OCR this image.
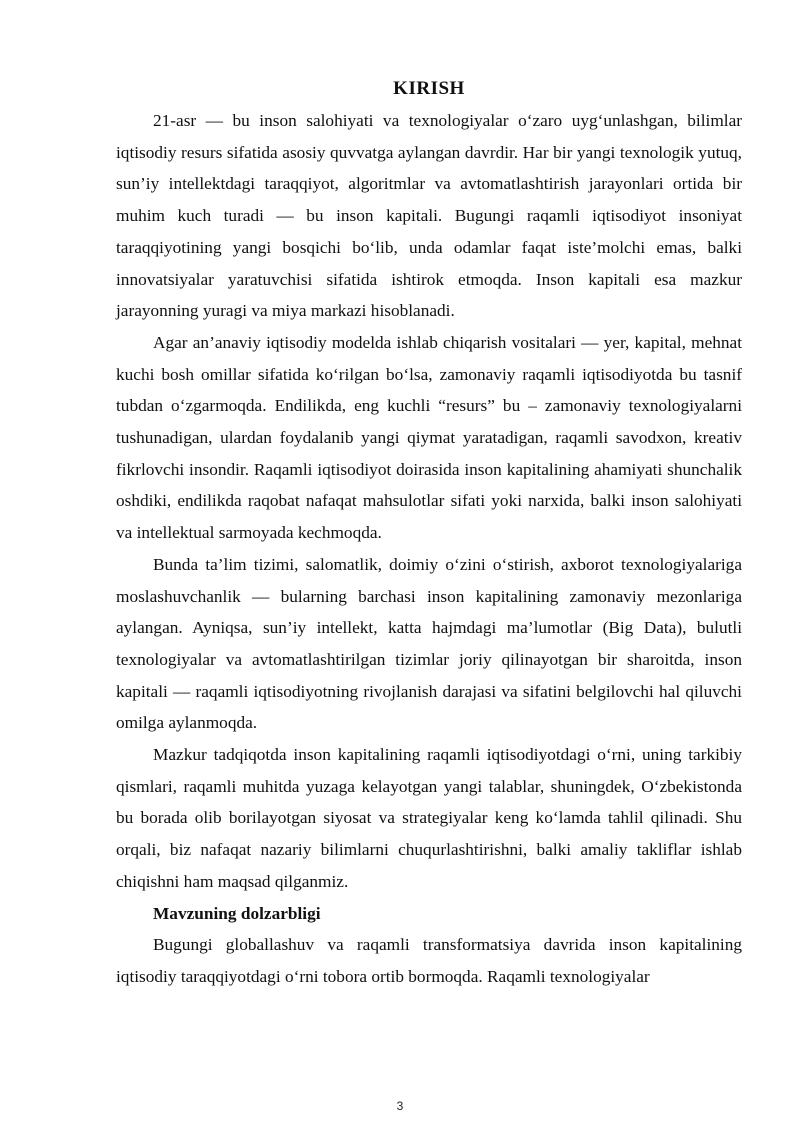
KIRISH

21-asr — bu inson salohiyati va texnologiyalar o‘zaro uyg‘unlashgan, bilimlar iqtisodiy resurs sifatida asosiy quvvatga aylangan davrdir. Har bir yangi texnologik yutuq, sun’iy intellektdagi taraqqiyot, algoritmlar va avtomatlashtirish jarayonlari ortida bir muhim kuch turadi — bu inson kapitali. Bugungi raqamli iqtisodiyot insoniyat taraqqiyotining yangi bosqichi bo‘lib, unda odamlar faqat iste’molchi emas, balki innovatsiyalar yaratuvchisi sifatida ishtirok etmoqda. Inson kapitali esa mazkur jarayonning yuragi va miya markazi hisoblanadi.

Agar an’anaviy iqtisodiy modelda ishlab chiqarish vositalari — yer, kapital, mehnat kuchi bosh omillar sifatida ko‘rilgan bo‘lsa, zamonaviy raqamli iqtisodiyotda bu tasnif tubdan o‘zgarmoqda. Endilikda, eng kuchli “resurs” bu – zamonaviy texnologiyalarni tushunadigan, ulardan foydalanib yangi qiymat yaratadigan, raqamli savodxon, kreativ fikrlovchi insondir. Raqamli iqtisodiyot doirasida inson kapitalining ahamiyati shunchalik oshdiki, endilikda raqobat nafaqat mahsulotlar sifati yoki narxida, balki inson salohiyati va intellektual sarmoyada kechmoqda.

Bunda ta’lim tizimi, salomatlik, doimiy o‘zini o‘stirish, axborot texnologiyalariga moslashuvchanlik — bularning barchasi inson kapitalining zamonaviy mezonlariga aylangan. Ayniqsa, sun’iy intellekt, katta hajmdagi ma’lumotlar (Big Data), bulutli texnologiyalar va avtomatlashtirilgan tizimlar joriy qilinayotgan bir sharoitda, inson kapitali — raqamli iqtisodiyotning rivojlanish darajasi va sifatini belgilovchi hal qiluvchi omilga aylanmoqda.

Mazkur tadqiqotda inson kapitalining raqamli iqtisodiyotdagi o‘rni, uning tarkibiy qismlari, raqamli muhitda yuzaga kelayotgan yangi talablar, shuningdek, O‘zbekistonda bu borada olib borilayotgan siyosat va strategiyalar keng ko‘lamda tahlil qilinadi. Shu orqali, biz nafaqat nazariy bilimlarni chuqurlashtirishni, balki amaliy takliflar ishlab chiqishni ham maqsad qilganmiz.

Mavzuning dolzarbligi

Bugungi globallashuv va raqamli transformatsiya davrida inson kapitalining iqtisodiy taraqqiyotdagi o‘rni tobora ortib bormoqda. Raqamli texnologiyalar

3
